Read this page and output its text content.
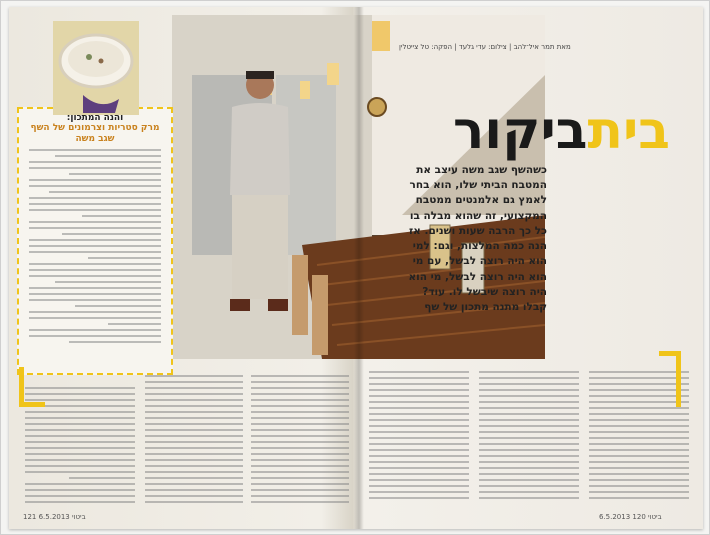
מאת תמר איל־להב | צילום: עדי גלעד | הפקה: טל צייטלין
ביתביקור
כשהשף שגב משה עיצב את המטבח הביתי שלו, הוא בחר לאמץ גם אלמנטים ממטבח המקצועי, זה שהוא מבלה בו כל כך הרבה שעות ושנים. אז הנה כמה המלצות, וגם: למי הוא היה רוצה לבשל, עם מי הוא היה רוצה לבשל, מי הוא היה רוצה שיבשל לו. עוד? קבלו מתנה מתכון של שף
והנה המתכון:
מרק סטריות וצרמונים של השף שגב משה
121 ביטוי 6.5.2013	6.5.2013 ביטוי 120
